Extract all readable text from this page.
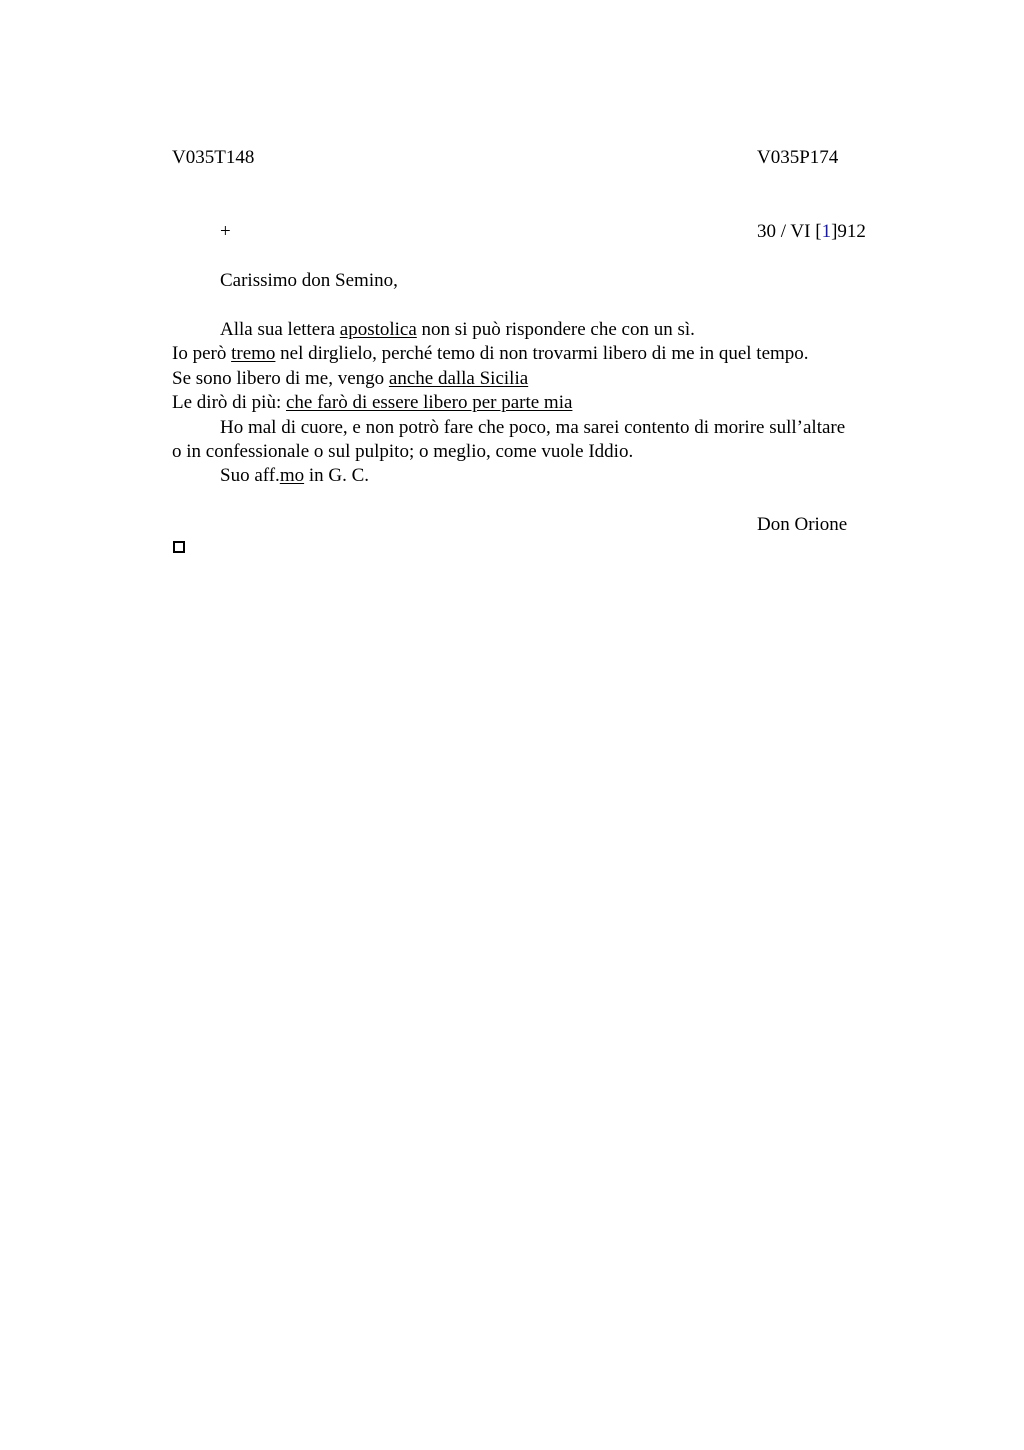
V035T148	V035P174
+	30 / VI [1]912
Carissimo don Semino,
Alla sua lettera apostolica non si può rispondere che con un sì.
Io però tremo nel dirglielo, perché temo di non trovarmi libero di me in quel tempo.
Se sono libero di me, vengo anche dalla Sicilia
Le dirò di più: che farò di essere libero per parte mia
Ho mal di cuore, e non potrò fare che poco, ma sarei contento di morire sull’altare
o in confessionale o sul pulpito; o meglio, come vuole Iddio.
Suo aff.mo in G. C.
Don Orione
